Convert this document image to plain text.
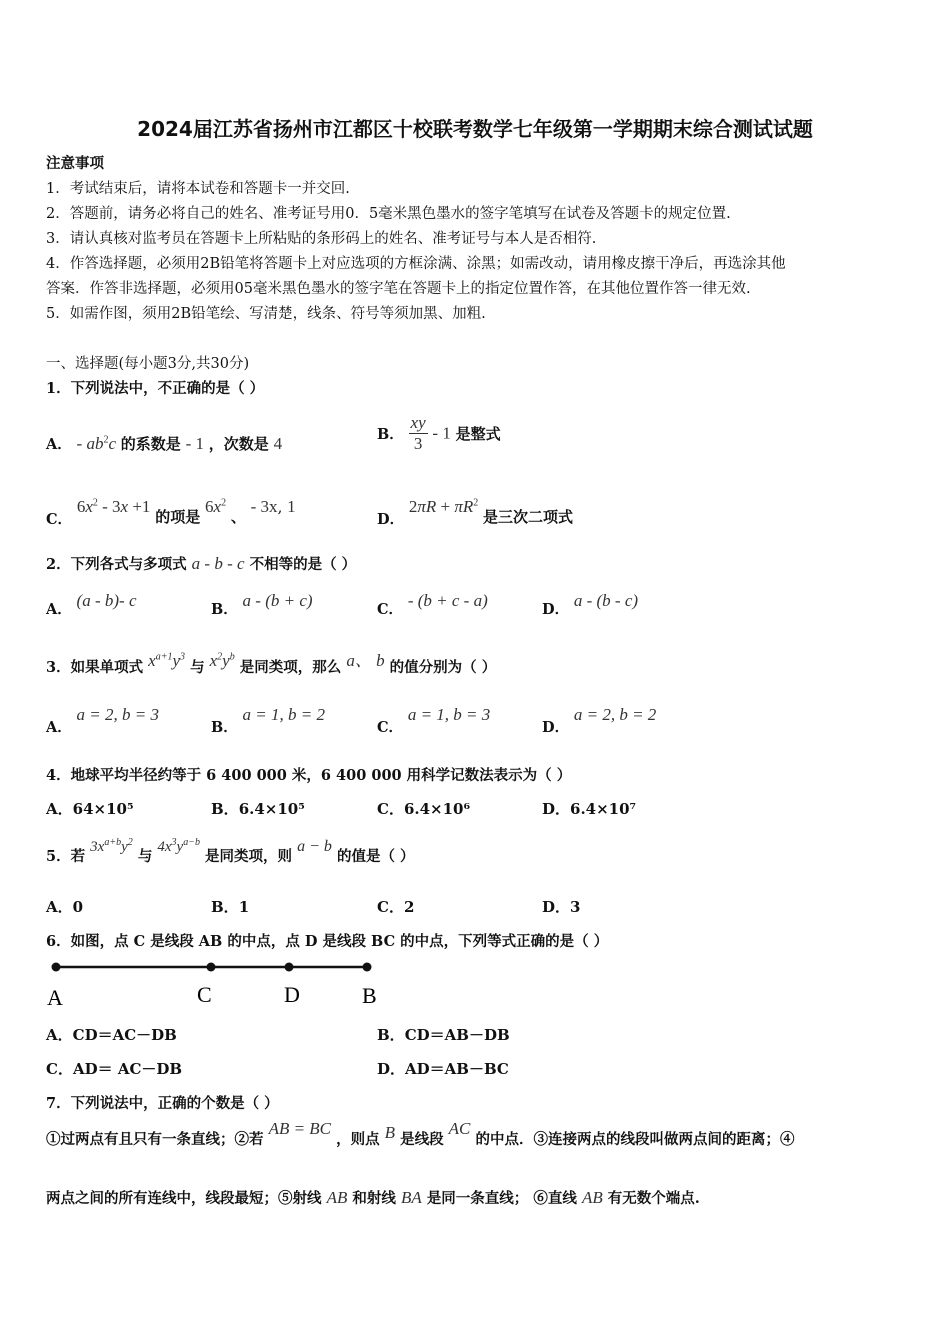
2024届江苏省扬州市江都区十校联考数学七年级第一学期期末综合测试试题
注意事项
1．考试结束后，请将本试卷和答题卡一并交回.
2．答题前，请务必将自己的姓名、准考证号用0．5毫米黑色墨水的签字笔填写在试卷及答题卡的规定位置.
3．请认真核对监考员在答题卡上所粘贴的条形码上的姓名、准考证号与本人是否相符.
4．作答选择题，必须用2B铅笔将答题卡上对应选项的方框涂满、涂黑；如需改动，请用橡皮擦干净后，再选涂其他
答案．作答非选择题，必须用05毫米黑色墨水的签字笔在答题卡上的指定位置作答，在其他位置作答一律无效.
5．如需作图，须用2B铅笔绘、写清楚，线条、符号等须加黑、加粗.
一、选择题(每小题3分,共30分)
1．下列说法中，不正确的是（ ）
A． - $ab^2c$ 的系数是 - 1 ，次数是 4	B． $\frac{xy}{3} - 1$ 是整式
C． $6x^2 - 3x +1$ 的项是 $6x^2$ 、 - 3x, 1
D． $2\pi R + \pi R^2$ 是三次二项式
2．下列各式与多项式 a - b - c 不相等的是（ ）
A． (a - b)- c	B． a - (b + c)	C． - (b + c - a)	D． a - (b - c)
3．如果单项式 $x^{a+1}y^3$ 与 $x^2y^b$ 是同类项，那么 a、 b 的值分别为（ ）
A． a = 2, b = 3
B． a = 1, b = 2
C． a = 1, b = 3
D． a = 2, b = 2
4．地球平均半径约等于 6 400 000 米，6 400 000 用科学记数法表示为（ ）
A．64×10⁵	B．6.4×10⁵	C．6.4×10⁶	D．6.4×10⁷
5．若 $3x^{a+b}y^2$ 与 $4x^3y^{a-b}$ 是同类项，则 a − b 的值是（ ）
A．0	B．1	C．2	D．3
6．如图，点 C 是线段 AB 的中点，点 D 是线段 BC 的中点，下列等式正确的是（ ）
A	C	D	B
A．CD＝AC－DB	B．CD＝AB－DB
C．AD＝ AC－DB	D．AD＝AB－BC
7．下列说法中，正确的个数是（ ）
①过两点有且只有一条直线；②若 AB = BC ，则点 B 是线段 AC 的中点．③连接两点的线段叫做两点间的距离；④
两点之间的所有连线中，线段最短；⑤射线 AB 和射线 BA 是同一条直线； ⑥直线 AB 有无数个端点.
